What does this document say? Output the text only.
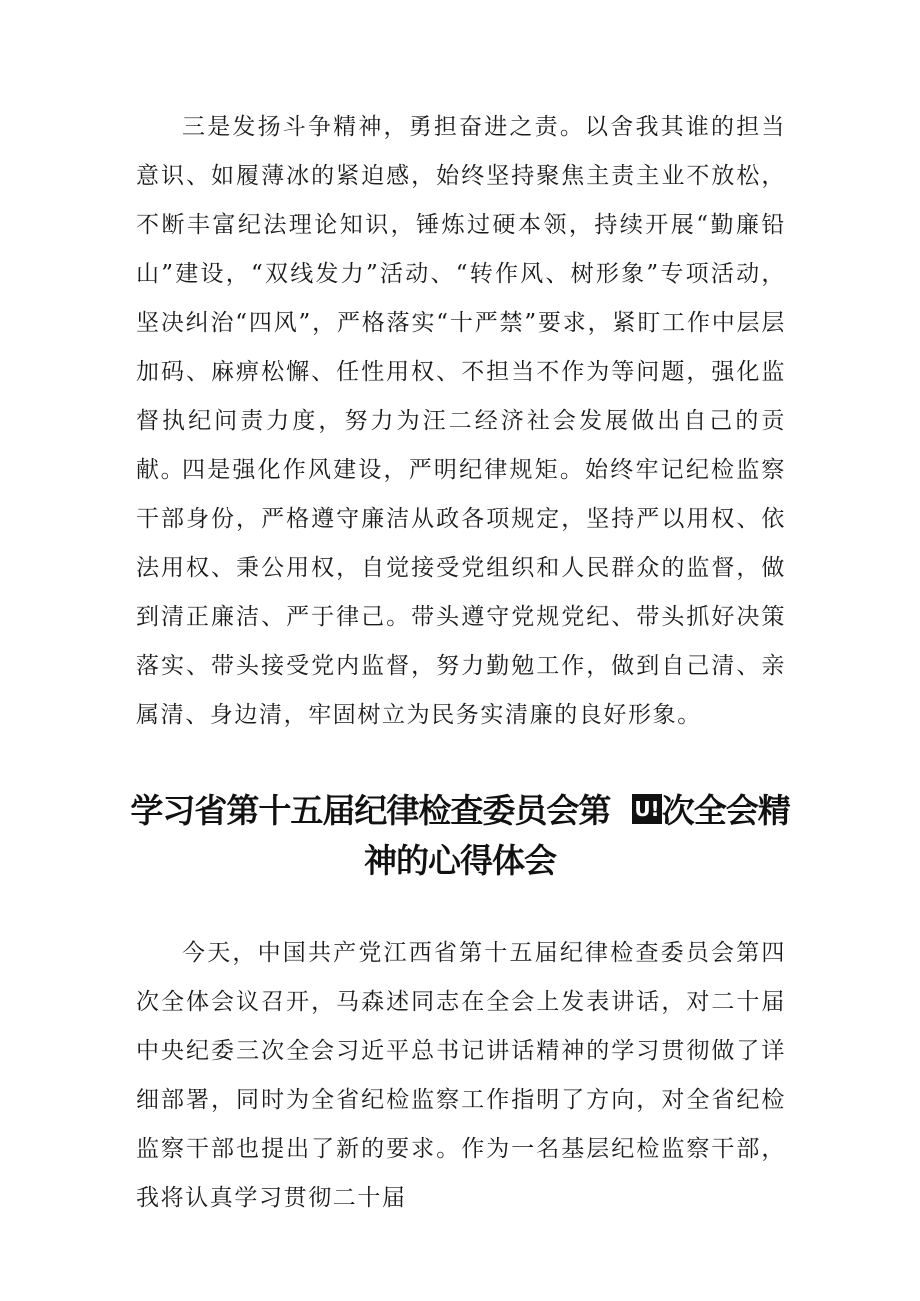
三是发扬斗争精神，勇担奋进之责。以舍我其谁的担当意识、如履薄冰的紧迫感，始终坚持聚焦主责主业不放松，不断丰富纪法理论知识，锤炼过硬本领，持续开展“勤廉铅山”建设，“双线发力”活动、“转作风、树形象”专项活动，坚决纠治“四风”，严格落实“十严禁”要求，紧盯工作中层层加码、麻痹松懈、任性用权、不担当不作为等问题，强化监督执纪问责力度，努力为汪二经济社会发展做出自己的贡献。

四是强化作风建设，严明纪律规矩。始终牢记纪检监察干部身份，严格遵守廉洁从政各项规定，坚持严以用权、依法用权、秉公用权，自觉接受党组织和人民群众的监督，做到清正廉洁、严于律己。带头遵守党规党纪、带头抓好决策落实、带头接受党内监督，努力勤勉工作，做到自己清、亲属清、身边清，牢固树立为民务实清廉的良好形象。

学习省第十五届纪律检查委员会第 U!次全会精神的心得体会

今天，中国共产党江西省第十五届纪律检查委员会第四次全体会议召开，马森述同志在全会上发表讲话，对二十届中央纪委三次全会习近平总书记讲话精神的学习贯彻做了详细部署，同时为全省纪检监察工作指明了方向，对全省纪检监察干部也提出了新的要求。作为一名基层纪检监察干部，我将认真学习贯彻二十届
